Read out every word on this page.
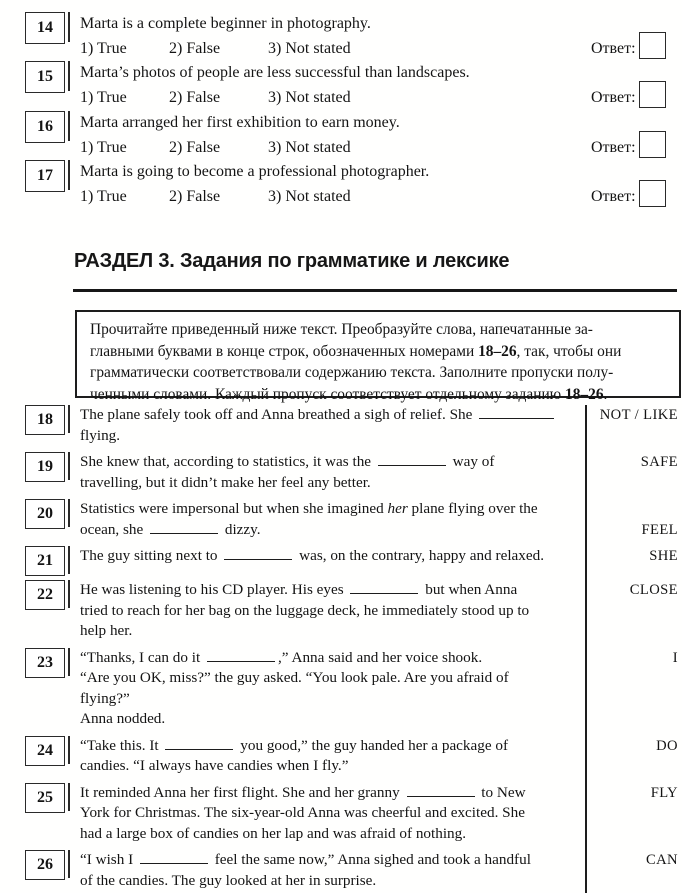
14 Marta is a complete beginner in photography.
1) True	2) False	3) Not stated	Ответ:
15 Marta’s photos of people are less successful than landscapes.
1) True	2) False	3) Not stated	Ответ:
16 Marta arranged her first exhibition to earn money.
1) True	2) False	3) Not stated	Ответ:
17 Marta is going to become a professional photographer.
1) True	2) False	3) Not stated	Ответ:
РАЗДЕЛ 3. Задания по грамматике и лексике
Прочитайте приведенный ниже текст. Преобразуйте слова, напечатанные за-
главными буквами в конце строк, обозначенных номерами 18–26, так, чтобы они
грамматически соответствовали содержанию текста. Заполните пропуски полу-
ченными словами. Каждый пропуск соответствует отдельному заданию 18–26.
18 The plane safely took off and Anna breathed a sigh of relief. She
flying.
NOT / LIKE
19 She knew that, according to statistics, it was the	way of
travelling, but it didn’t make her feel any better.
SAFE
20 Statistics were impersonal but when she imagined her plane flying over the
ocean, she	dizzy.	FEEL
21 The guy sitting next to	was, on the contrary, happy and relaxed.	SHE
22 He was listening to his CD player. His eyes	but when Anna
tried to reach for her bag on the luggage deck, he immediately stood up to
help her.
CLOSE
23 “Thanks, I can do it	,” Anna said and her voice shook.
“Are you OK, miss?” the guy asked. “You look pale. Are you afraid of
flying?”
Anna nodded.
I
24 “Take this. It	you good,” the guy handed her a package of
candies. “I always have candies when I fly.”
DO
25 It reminded Anna her first flight. She and her granny	to New
York for Christmas. The six-year-old Anna was cheerful and excited. She
had a large box of candies on her lap and was afraid of nothing.
FLY
26 “I wish I	feel the same now,” Anna sighed and took a handful
of the candies. The guy looked at her in surprise.
CAN
